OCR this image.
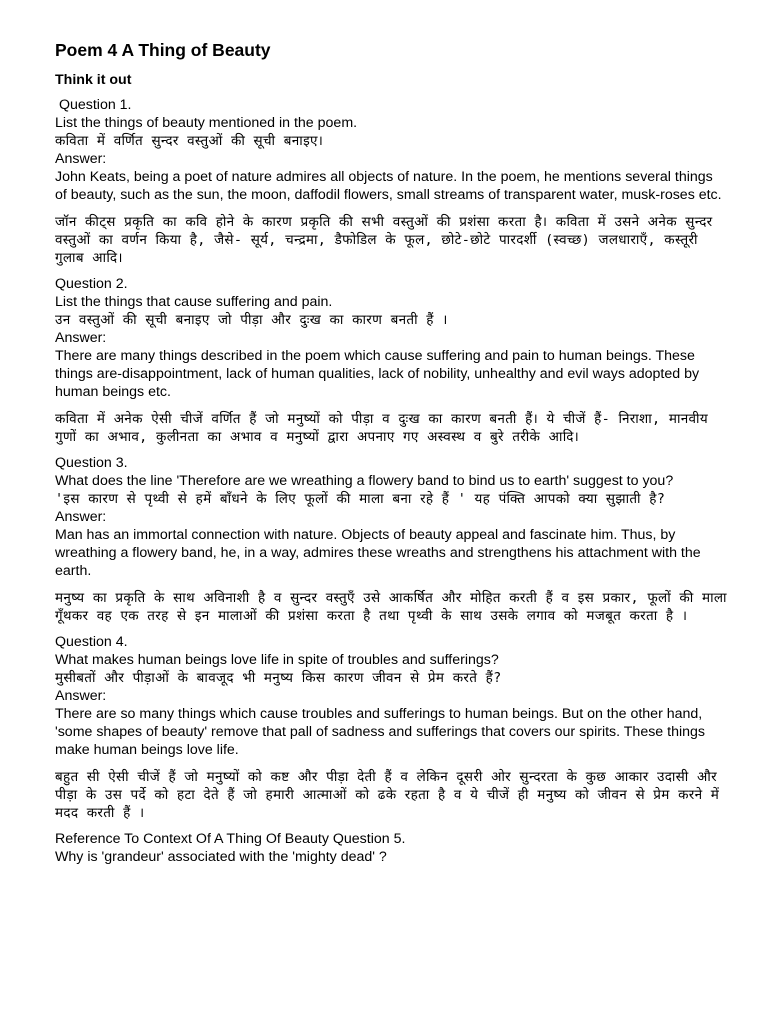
Poem 4 A Thing of Beauty
Think it out
Question 1.
List the things of beauty mentioned in the poem.
कविता में वर्णित सुन्दर वस्तुओं की सूची बनाइए।
Answer:
John Keats, being a poet of nature admires all objects of nature. In the poem, he mentions several things of beauty, such as the sun, the moon, daffodil flowers, small streams of transparent water, musk-roses etc.
जॉन कीट्स प्रकृति का कवि होने के कारण प्रकृति की सभी वस्तुओं की प्रशंसा करता है। कविता में उसने अनेक सुन्दर वस्तुओं का वर्णन किया है, जैसे- सूर्य, चन्द्रमा, डैफोडिल के फूल, छोटे-छोटे पारदर्शी (स्वच्छ) जलधाराएँ, कस्तूरी गुलाब आदि।
Question 2.
List the things that cause suffering and pain.
उन वस्तुओं की सूची बनाइए जो पीड़ा और दुःख का कारण बनती हैं ।
Answer:
There are many things described in the poem which cause suffering and pain to human beings. These things are-disappointment, lack of human qualities, lack of nobility, unhealthy and evil ways adopted by human beings etc.
कविता में अनेक ऐसी चीजें वर्णित हैं जो मनुष्यों को पीड़ा व दुःख का कारण बनती हैं। ये चीजें हैं- निराशा, मानवीय गुणों का अभाव, कुलीनता का अभाव व मनुष्यों द्वारा अपनाए गए अस्वस्थ व बुरे तरीके आदि।
Question 3.
What does the line 'Therefore are we wreathing a flowery band to bind us to earth' suggest to you?
'इस कारण से पृथ्वी से हमें बाँधने के लिए फूलों की माला बना रहे हैं ' यह पंक्ति आपको क्या सुझाती है?
Answer:
Man has an immortal connection with nature. Objects of beauty appeal and fascinate him. Thus, by wreathing a flowery band, he, in a way, admires these wreaths and strengthens his attachment with the earth.
मनुष्य का प्रकृति के साथ अविनाशी है व सुन्दर वस्तुएँ उसे आकर्षित और मोहित करती हैं व इस प्रकार, फूलों की माला गूँथकर वह एक तरह से इन मालाओं की प्रशंसा करता है तथा पृथ्वी के साथ उसके लगाव को मजबूत करता है ।
Question 4.
What makes human beings love life in spite of troubles and sufferings?
मुसीबतों और पीड़ाओं के बावजूद भी मनुष्य किस कारण जीवन से प्रेम करते हैं?
Answer:
There are so many things which cause troubles and sufferings to human beings. But on the other hand, 'some shapes of beauty' remove that pall of sadness and sufferings that covers our spirits. These things make human beings love life.
बहुत सी ऐसी चीजें हैं जो मनुष्यों को कष्ट और पीड़ा देती हैं व लेकिन दूसरी ओर सुन्दरता के कुछ आकार उदासी और पीड़ा के उस पर्दे को हटा देते हैं जो हमारी आत्माओं को ढके रहता है व ये चीजें ही मनुष्य को जीवन से प्रेम करने में मदद करती हैं ।
Reference To Context Of A Thing Of Beauty Question 5.
Why is 'grandeur' associated with the 'mighty dead' ?
